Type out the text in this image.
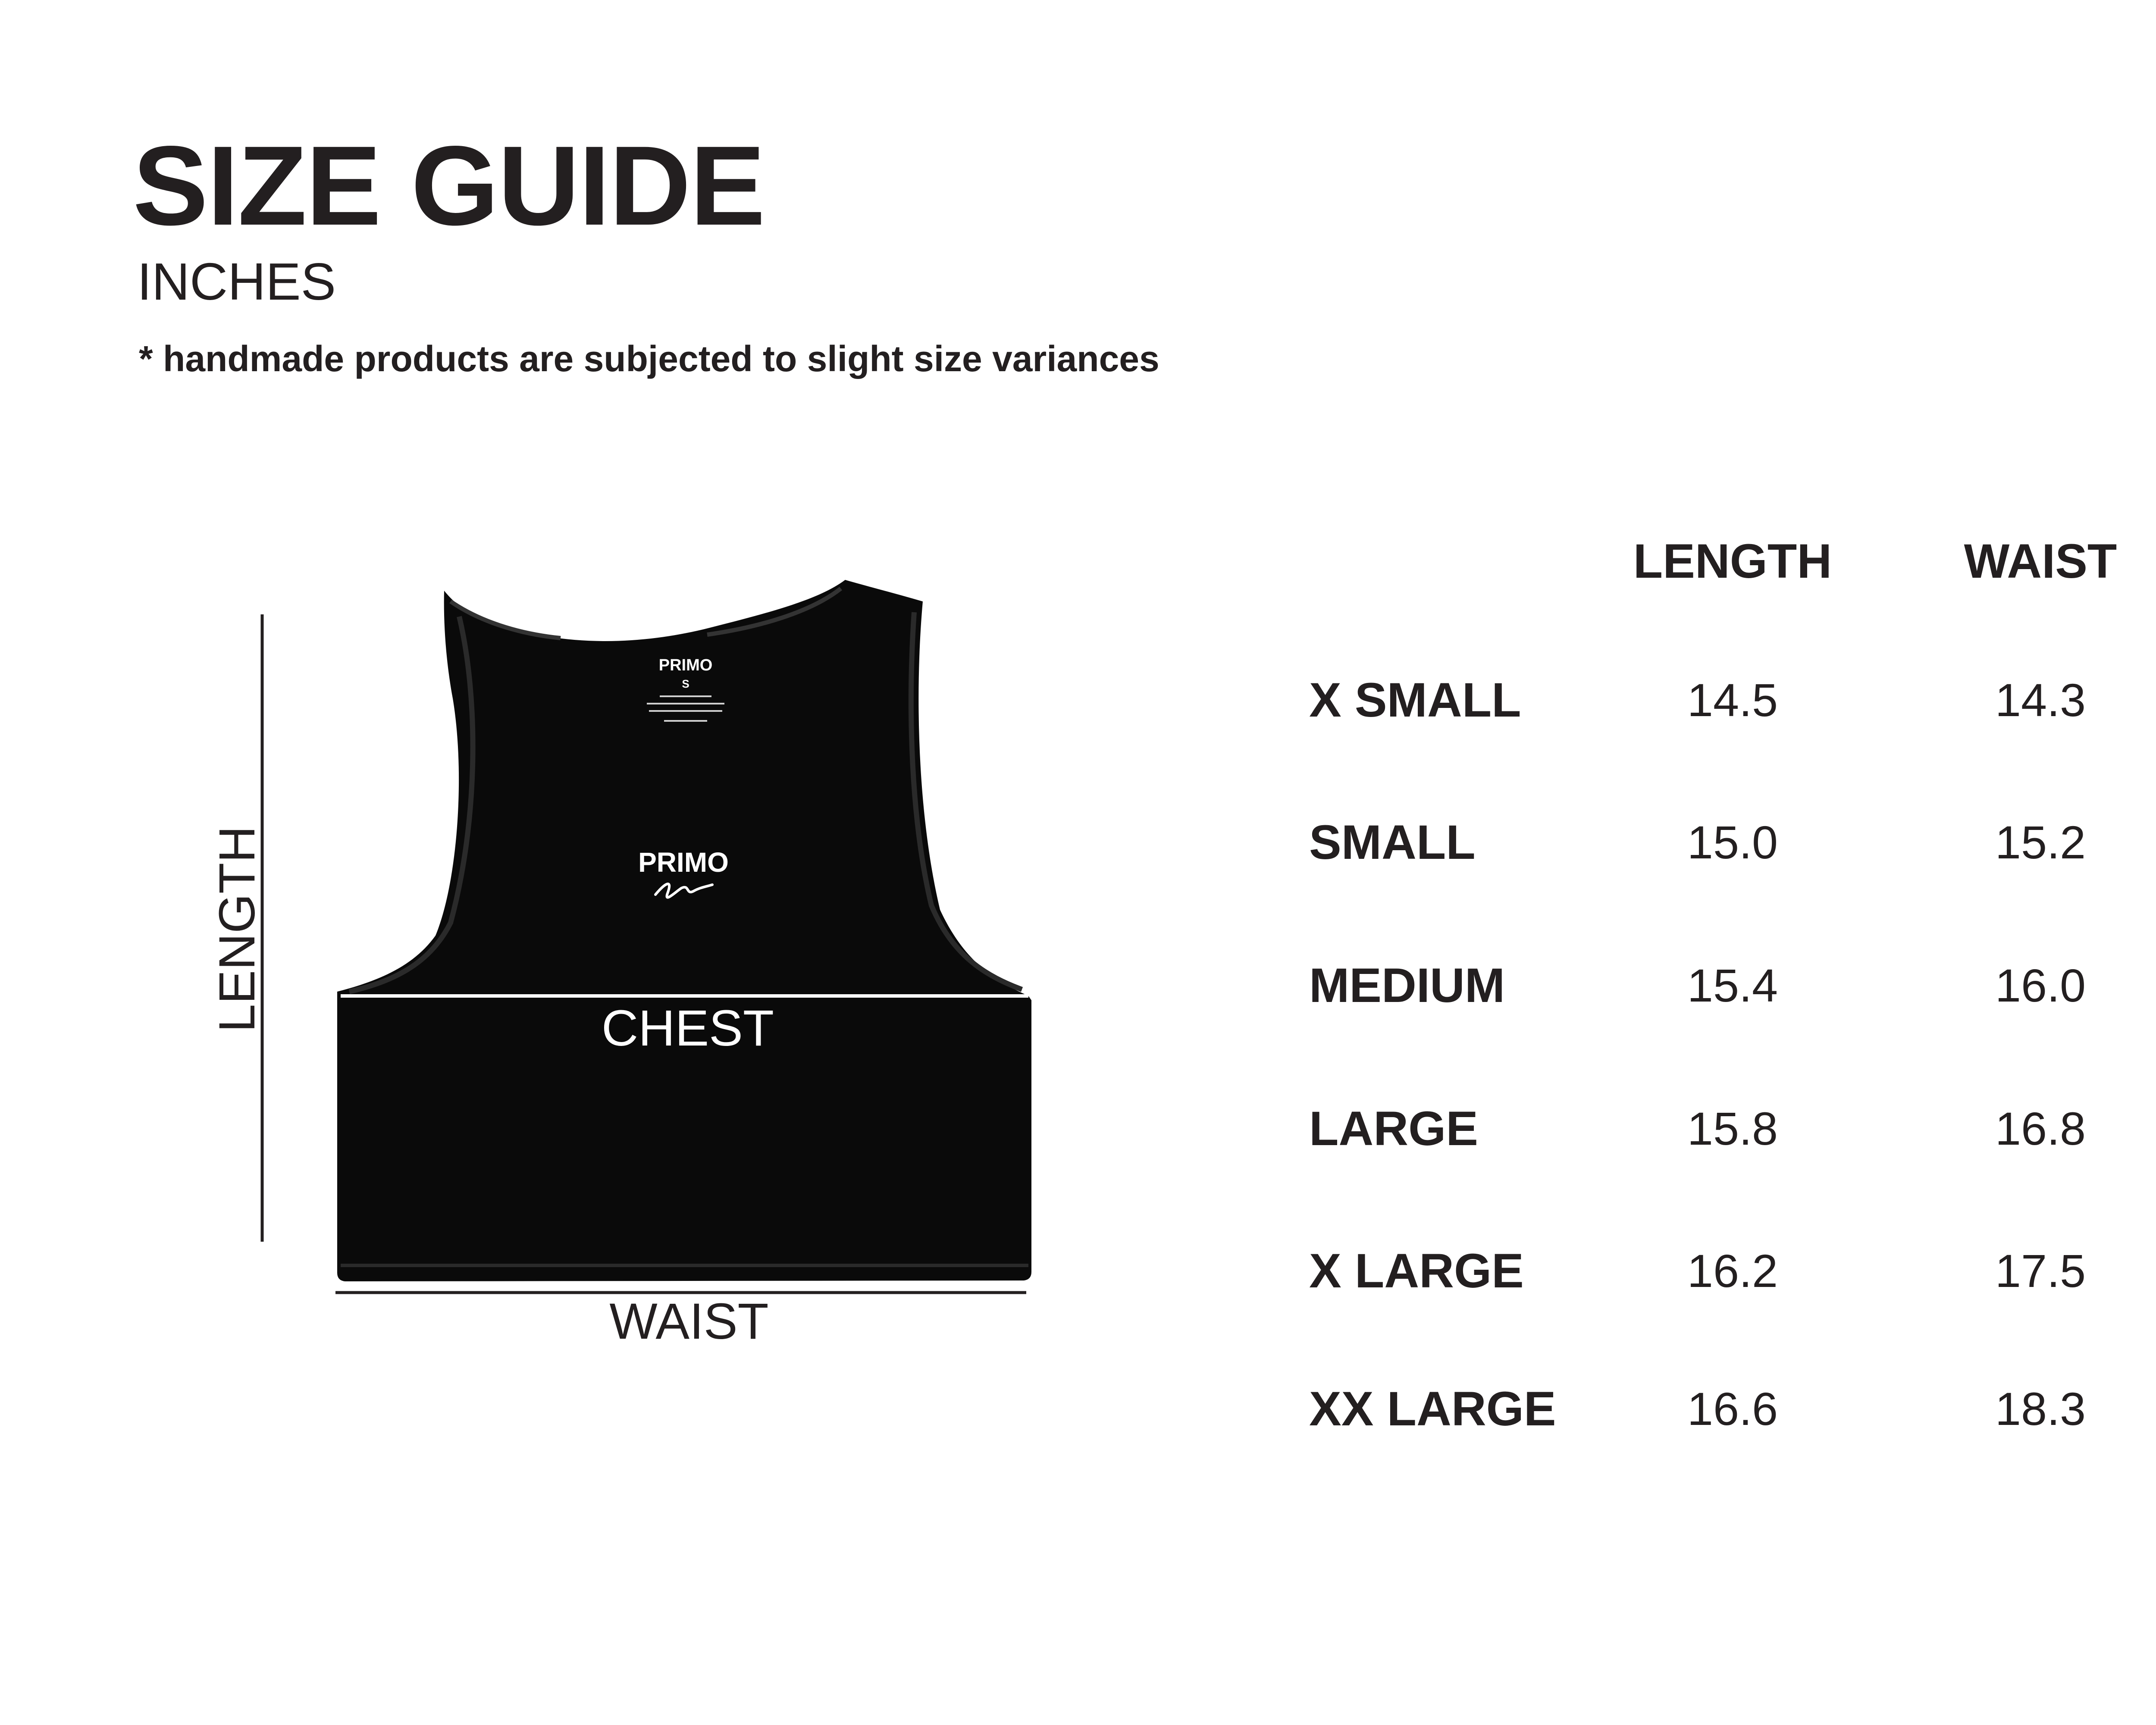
SIZE GUIDE
INCHES
* handmade products are subjected to slight size variances
PRIMO
S
PRIMO
CHEST
LENGTH
WAIST
LENGTH	WAIST
X SMALL	14.5	14.3
SMALL	15.0	15.2
MEDIUM	15.4	16.0
LARGE	15.8	16.8
X LARGE	16.2	17.5
XX LARGE	16.6	18.3
